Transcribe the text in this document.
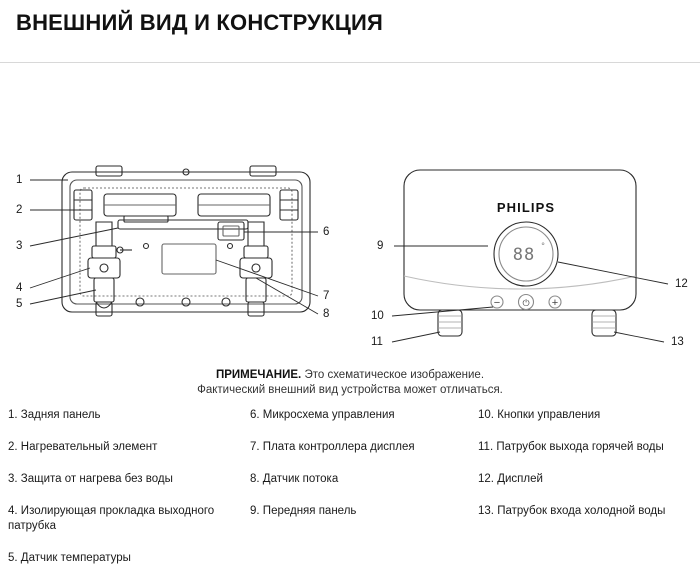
ВНЕШНИЙ ВИД И КОНСТРУКЦИЯ
PHILIPS
88 °
− ⏻ +
1
2
3
4
5
6
7
8
9
10
11
12
13
ПРИМЕЧАНИЕ. Это схематическое изображение.
Фактический внешний вид устройства может отличаться.
1. Задняя панель
2. Нагревательный элемент
3. Защита от нагрева без воды
4. Изолирующая прокладка выходного патрубка
5. Датчик температуры
6. Микросхема управления
7. Плата контроллера дисплея
8. Датчик потока
9. Передняя панель
10. Кнопки управления
11. Патрубок выхода горячей воды
12. Дисплей
13. Патрубок входа холодной воды
